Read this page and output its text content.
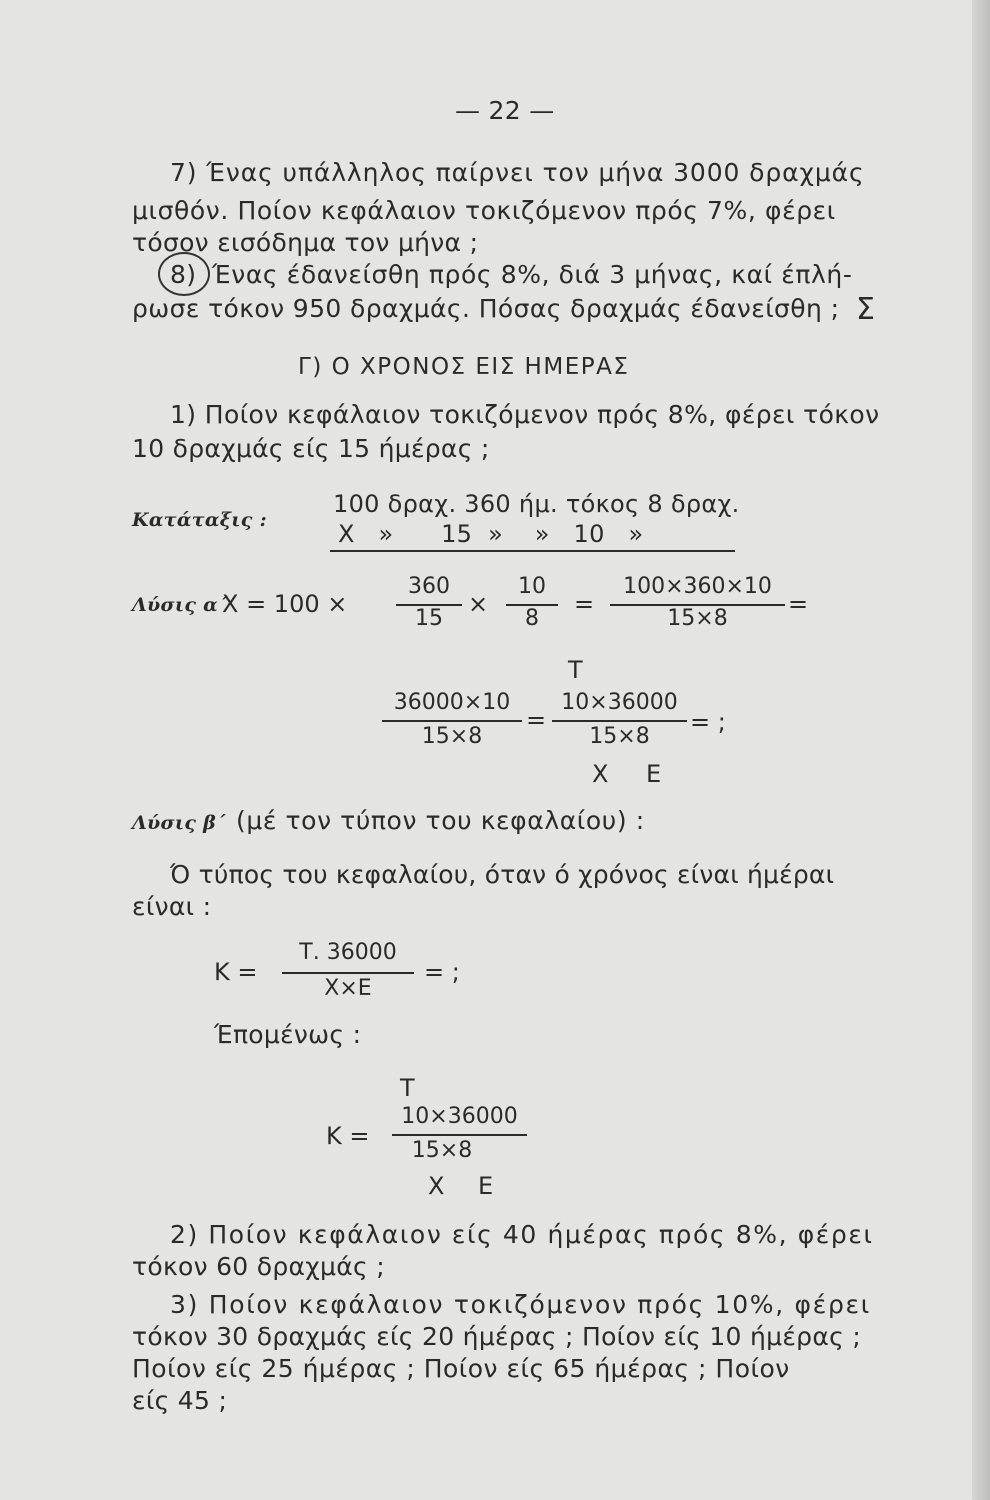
— 22 —
7) Ένας υπάλληλος παίρνει τον μήνα 3000 δραχμάς
μισθόν. Ποίον κεφάλαιον τοκιζόμενον πρός 7%, φέρει
τόσον εισόδημα τον μήνα ;
8) Ένας έδανείσθη πρός 8%, διά 3 μήνας, καί έπλή-
ρωσε τόκον 950 δραχμάς. Πόσας δραχμάς έδανείσθη ; Σ
Γ) Ο ΧΡΟΝΟΣ ΕΙΣ ΗΜΕΡΑΣ
1) Ποίον κεφάλαιον τοκιζόμενον πρός 8%, φέρει τόκον
10 δραχμάς είς 15 ήμέρας ;
Κατάταξις :
100 δραχ. 360 ήμ. τόκος 8 δραχ.
Χ   »      15  »    »   10   »
Λύσις α΄
Χ = 100 ×
360
15
×
10
8
=
100×360×10
15×8
=
Τ
36000×10
15×8
=
10×36000
15×8
= ;
Χ Ε
Λύσις β΄ (μέ τον τύπον του κεφαλαίου) :
Ό τύπος του κεφαλαίου, όταν ό χρόνος είναι ήμέραι
είναι :
Κ =
Τ. 36000
Χ×Ε
= ;
Έπομένως :
Τ
Κ =
10×36000
15×8
Χ Ε
2) Ποίον κεφάλαιον είς 40 ήμέρας πρός 8%, φέρει
τόκον 60 δραχμάς ;
3) Ποίον κεφάλαιον τοκιζόμενον πρός 10%, φέρει
τόκον 30 δραχμάς είς 20 ήμέρας ; Ποίον είς 10 ήμέρας ;
Ποίον είς 25 ήμέρας ; Ποίον είς 65 ήμέρας ; Ποίον
είς 45 ;
